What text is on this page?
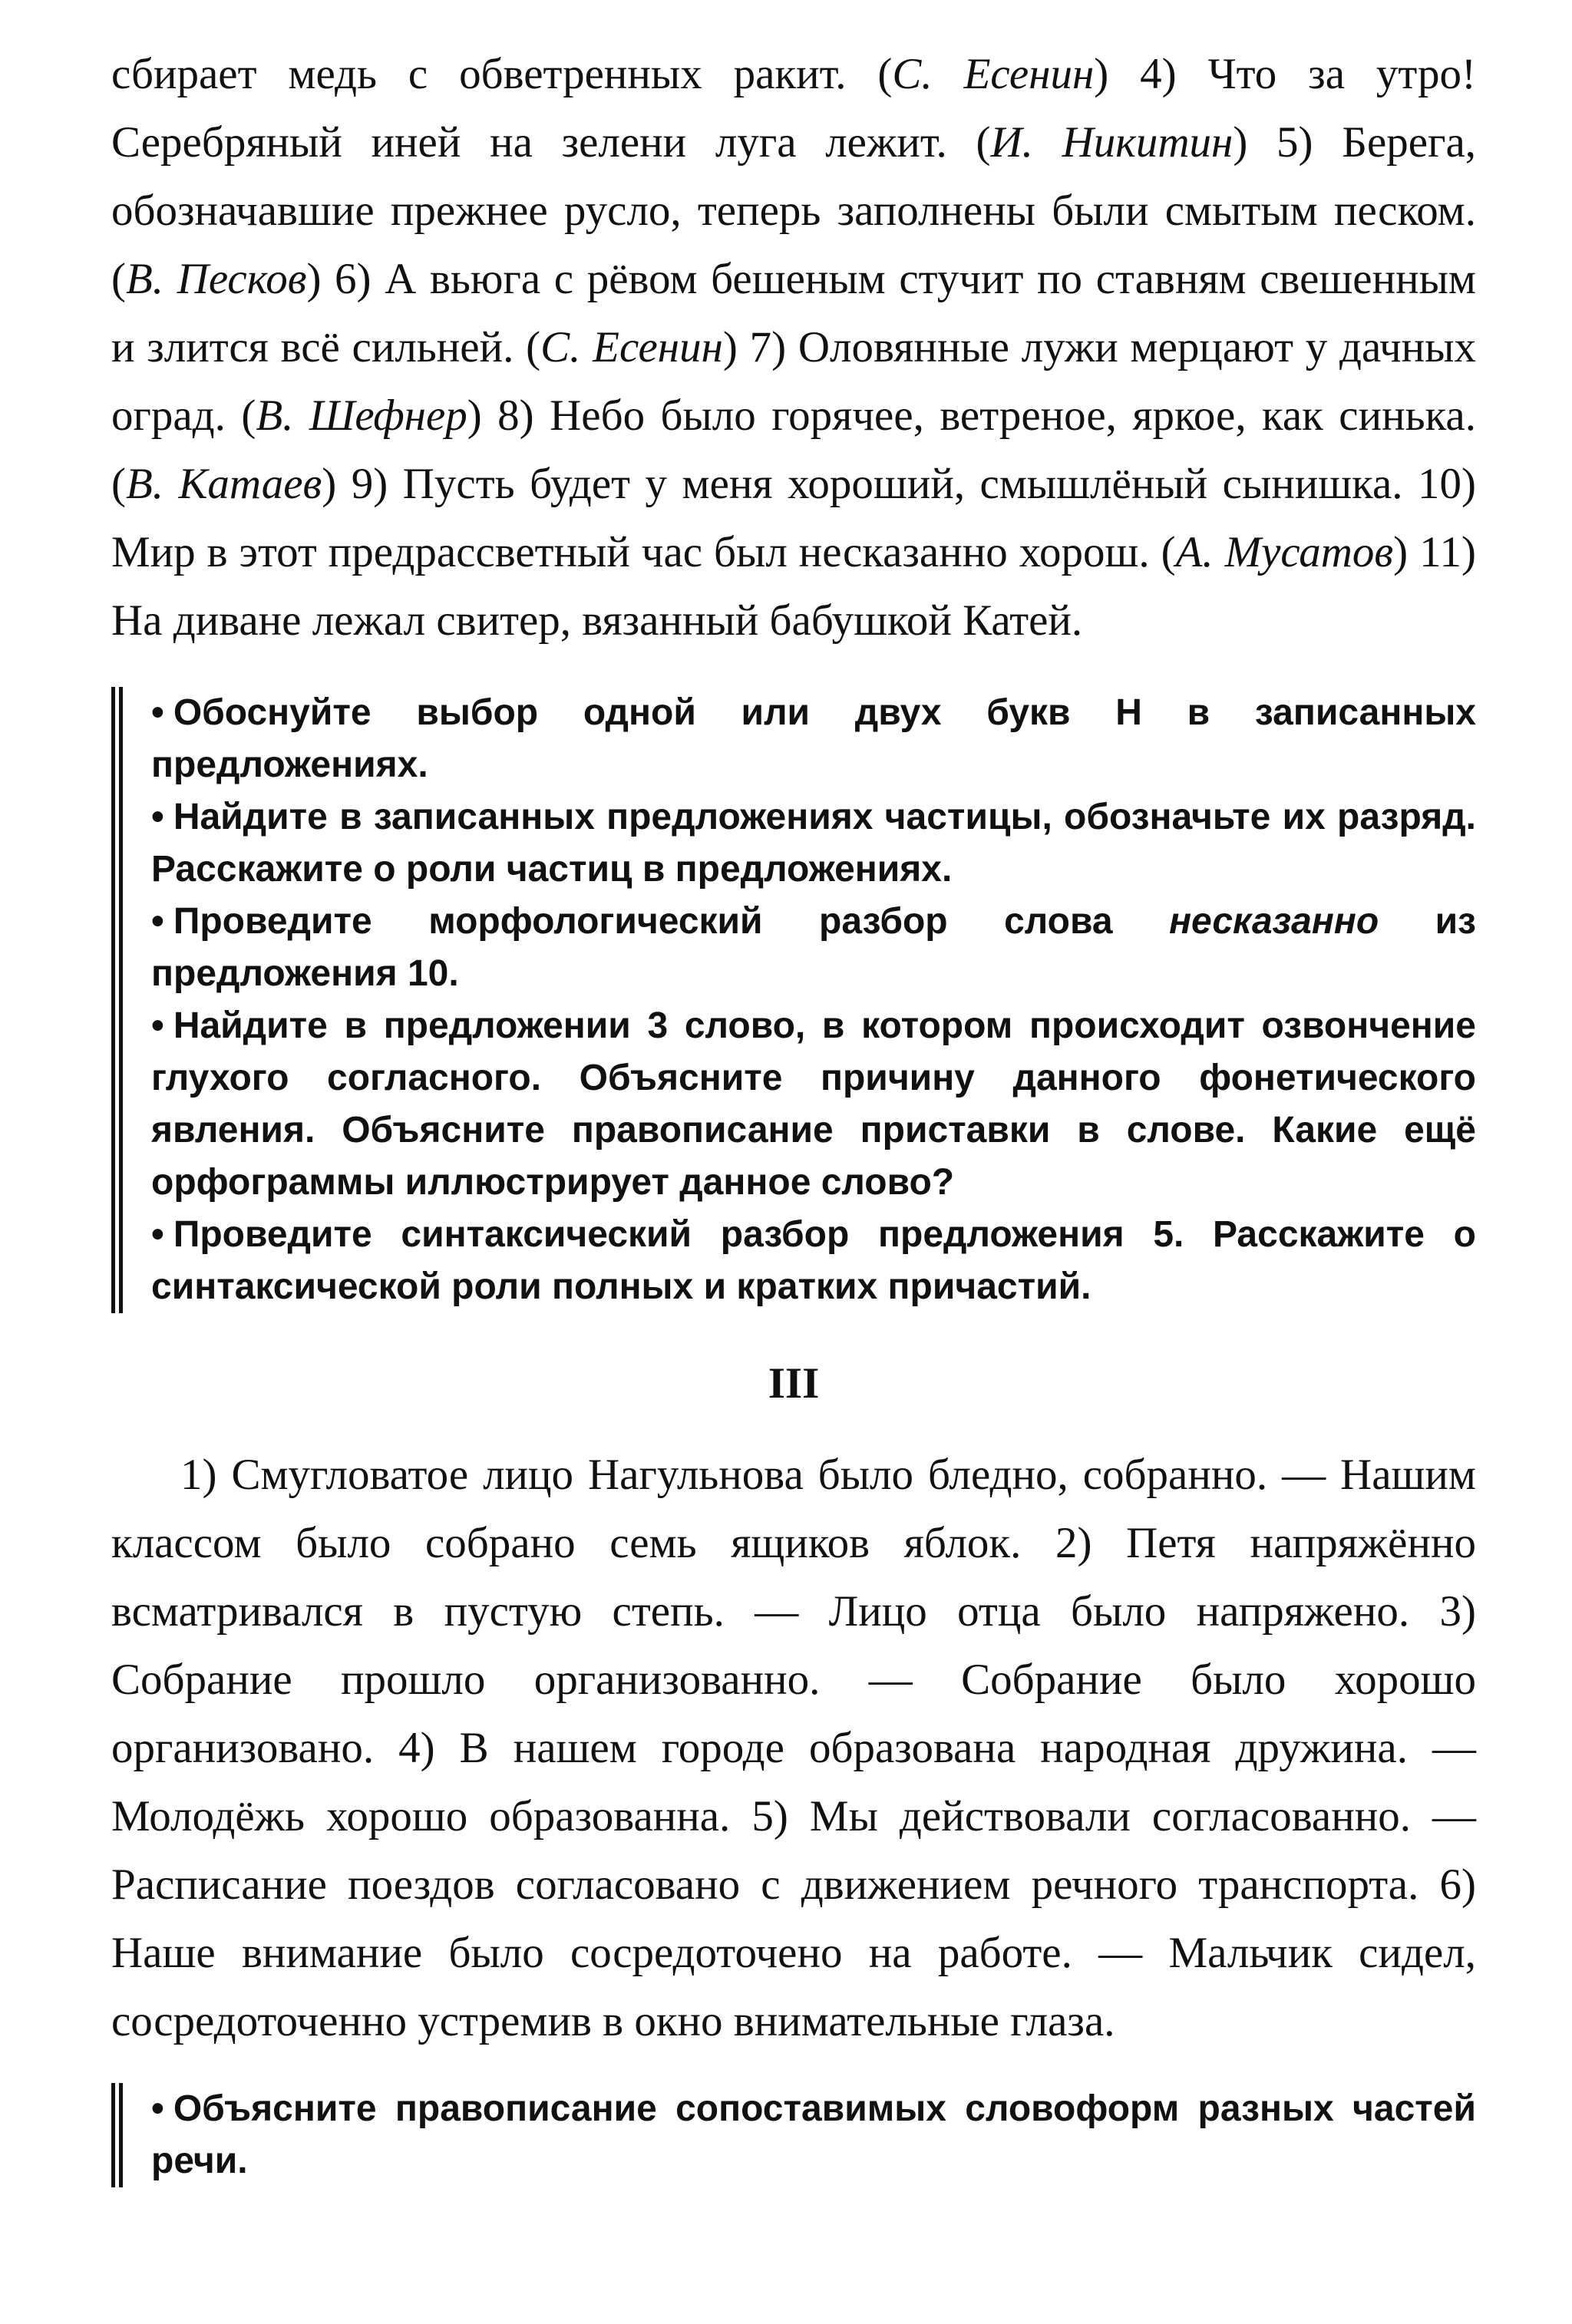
сбирает медь с обветренных ракит. (С. Есенин) 4) Что за утро! Серебряный иней на зелени луга лежит. (И. Никитин) 5) Берега, обозначавшие прежнее русло, теперь заполнены были смытым песком. (В. Песков) 6) А вьюга с рёвом бешеным стучит по ставням свешенным и злится всё сильней. (С. Есенин) 7) Оловянные лужи мерцают у дачных оград. (В. Шефнер) 8) Небо было горячее, ветреное, яркое, как синька. (В. Катаев) 9) Пусть будет у меня хороший, смышлёный сынишка. 10) Мир в этот предрассветный час был несказанно хорош. (А. Мусатов) 11) На диване лежал свитер, вязанный бабушкой Катей.

• Обоснуйте выбор одной или двух букв Н в записанных предложениях.

• Найдите в записанных предложениях частицы, обозначьте их разряд. Расскажите о роли частиц в предложениях.

• Проведите морфологический разбор слова несказанно из предложения 10.

• Найдите в предложении 3 слово, в котором происходит озвончение глухого согласного. Объясните причину данного фонетического явления. Объясните правописание приставки в слове. Какие ещё орфограммы иллюстрирует данное слово?

• Проведите синтаксический разбор предложения 5. Расскажите о синтаксической роли полных и кратких причастий.

III

1) Смугловатое лицо Нагульнова было бледно, собранно. — Нашим классом было собрано семь ящиков яблок. 2) Петя напряжённо всматривался в пустую степь. — Лицо отца было напряжено. 3) Собрание прошло организованно. — Собрание было хорошо организовано. 4) В нашем городе образована народная дружина. — Молодёжь хорошо образованна. 5) Мы действовали согласованно. — Расписание поездов согласовано с движением речного транспорта. 6) Наше внимание было сосредоточено на работе. — Мальчик сидел, сосредоточенно устремив в окно внимательные глаза.

• Объясните правописание сопоставимых словоформ разных частей речи.
